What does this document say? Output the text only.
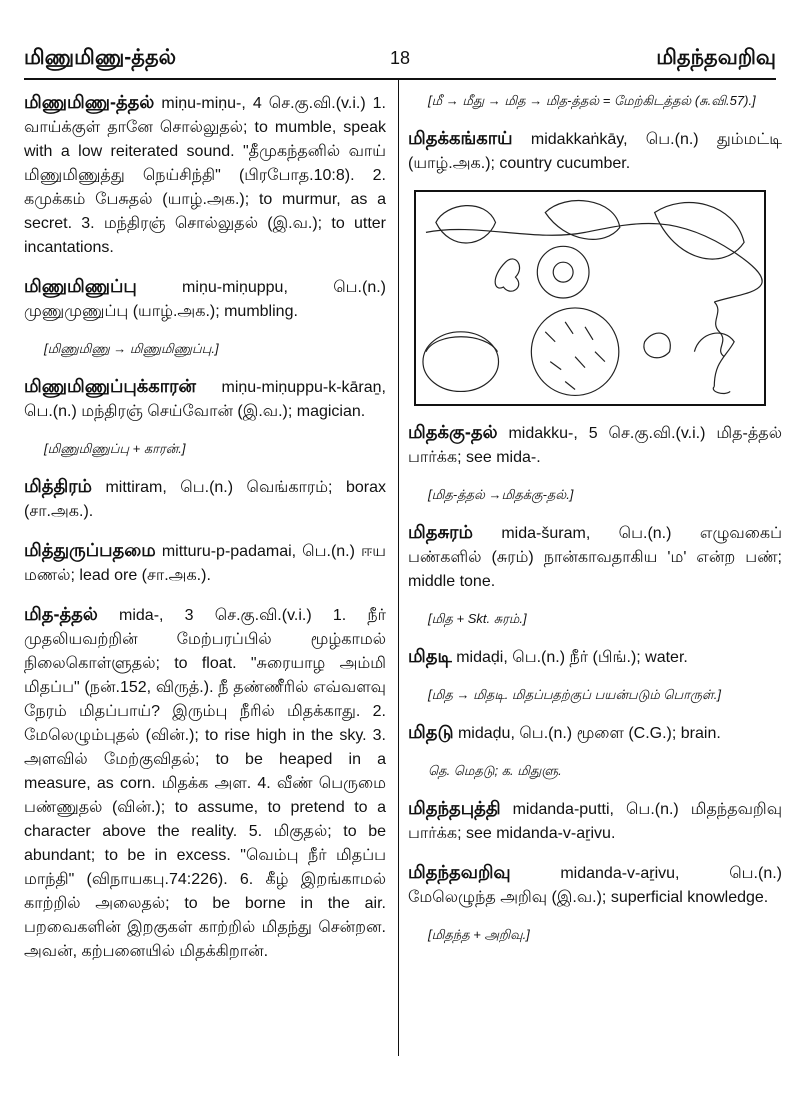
மிணுமிணு-த்தல்	18	மிதந்தவறிவு

மிணுமிணு-த்தல் miṇu-miṇu-, 4 செ.கு.வி.(v.i.) 1. வாய்க்குள் தானே சொல்லுதல்; to mumble, speak with a low reiterated sound. "தீமுகந்தனில் வாய் மிணுமிணுத்து நெய்சிந்தி" (பிரபோத.10:8). 2. கமுக்கம் பேசுதல் (யாழ்.அக.); to murmur, as a secret. 3. மந்திரஞ் சொல்லுதல் (இ.வ.); to utter incantations.

மிணுமிணுப்பு miṇu-miṇuppu, பெ.(n.) முணுமுணுப்பு (யாழ்.அக.); mumbling.

[மிணுமிணு → மிணுமிணுப்பு.]

மிணுமிணுப்புக்காரன் miṇu-miṇuppu-k-kāraṉ, பெ.(n.) மந்திரஞ் செய்வோன் (இ.வ.); magician.

[மிணுமிணுப்பு + காரன்.]

மித்திரம் mittiram, பெ.(n.) வெங்காரம்; borax (சா.அக.).

மித்துருப்பதமை mitturu-p-padamai, பெ.(n.) ஈய மணல்; lead ore (சா.அக.).

மித-த்தல் mida-, 3 செ.கு.வி.(v.i.) 1. நீர் முதலியவற்றின் மேற்பரப்பில் மூழ்காமல் நிலைகொள்ளுதல்; to float. "சுரையாழ அம்மி மிதப்ப" (நன்.152, விருத்.). நீ தண்ணீரில் எவ்வளவு நேரம் மிதப்பாய்? இரும்பு நீரில் மிதக்காது. 2. மேலெழும்புதல் (வின்.); to rise high in the sky. 3. அளவில் மேற்குவிதல்; to be heaped in a measure, as corn. மிதக்க அள. 4. வீண் பெருமை பண்ணுதல் (வின்.); to assume, to pretend to a character above the reality. 5. மிகுதல்; to be abundant; to be in excess. "வெம்பு நீர் மிதப்ப மாந்தி" (விநாயகபு.74:226). 6. கீழ் இறங்காமல் காற்றில் அலைதல்; to be borne in the air. பறவைகளின் இறகுகள் காற்றில் மிதந்து சென்றன. அவன், கற்பனையில் மிதக்கிறான்.

[மீ → மீது → மித → மித-த்தல் = மேற்கிடத்தல் (சு.வி.57).]

மிதக்கங்காய் midakkaṅkāy, பெ.(n.) தும்மட்டி (யாழ்.அக.); country cucumber.

மிதக்கு-தல் midakku-, 5 செ.கு.வி.(v.i.) மித-த்தல் பார்க்க; see mida-.

[மித-த்தல் →மிதக்கு-தல்.]

மிதசுரம் mida-šuram, பெ.(n.) எழுவகைப் பண்களில் (சுரம்) நான்காவதாகிய 'ம' என்ற பண்; middle tone.

[மித + Skt. சுரம்.]

மிதடி midaḍi, பெ.(n.) நீர் (பிங்.); water.

[மித → மிதடி. மிதப்பதற்குப் பயன்படும் பொருள்.]

மிதடு midaḍu, பெ.(n.) மூளை (C.G.); brain.

தெ. மெதடு; க. மிதுளு.

மிதந்தபுத்தி midanda-putti, பெ.(n.) மிதந்தவறிவு பார்க்க; see midanda-v-aṟivu.

மிதந்தவறிவு midanda-v-aṟivu, பெ.(n.) மேலெழுந்த அறிவு (இ.வ.); superficial knowledge.

[மிதந்த + அறிவு.]
